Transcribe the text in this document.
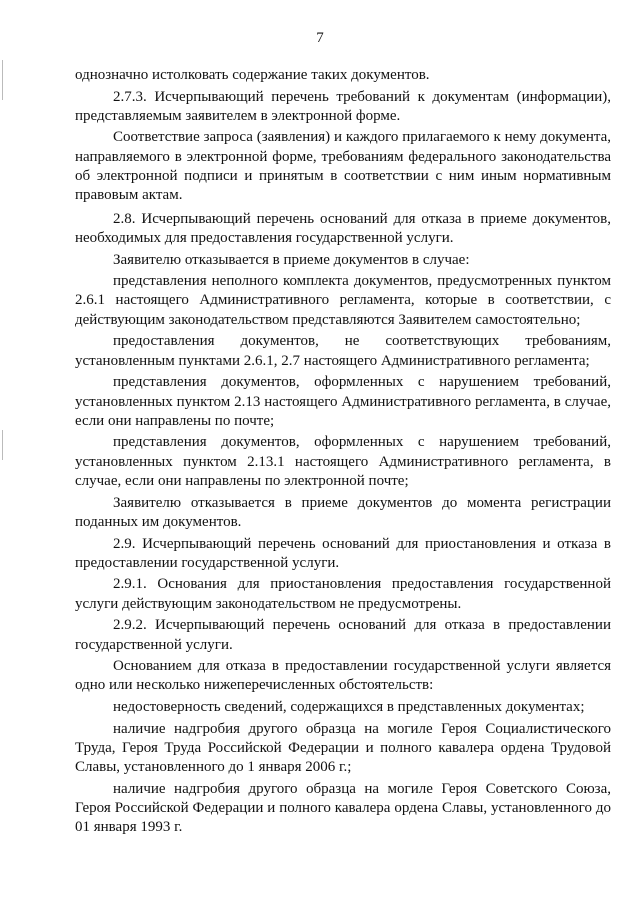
7

однозначно истолковать содержание таких документов.

2.7.3. Исчерпывающий перечень требований к документам (информации), представляемым заявителем в электронной форме.

Соответствие запроса (заявления) и каждого прилагаемого к нему документа, направляемого в электронной форме, требованиям федерального законодательства об электронной подписи и принятым в соответствии с ним иным нормативным правовым актам.

2.8. Исчерпывающий перечень оснований для отказа в приеме документов, необходимых для предоставления государственной услуги.

Заявителю отказывается в приеме документов в случае:

представления неполного комплекта документов, предусмотренных пунктом 2.6.1 настоящего Административного регламента, которые в соответствии, с действующим законодательством представляются Заявителем самостоятельно;

предоставления документов, не соответствующих требованиям, установленным пунктами 2.6.1, 2.7 настоящего Административного регламента;

представления документов, оформленных с нарушением требований, установленных пунктом 2.13 настоящего Административного регламента, в случае, если они направлены по почте;

представления документов, оформленных с нарушением требований, установленных пунктом 2.13.1 настоящего Административного регламента, в случае, если они направлены по электронной почте;

Заявителю отказывается в приеме документов до момента регистрации поданных им документов.

2.9. Исчерпывающий перечень оснований для приостановления и отказа в предоставлении государственной услуги.

2.9.1. Основания для приостановления предоставления государственной услуги действующим законодательством не предусмотрены.

2.9.2. Исчерпывающий перечень оснований для отказа в предоставлении государственной услуги.

Основанием для отказа в предоставлении государственной услуги является одно или несколько нижеперечисленных обстоятельств:

недостоверность сведений, содержащихся в представленных документах;

наличие надгробия другого образца на могиле Героя Социалистического Труда, Героя Труда Российской Федерации и полного кавалера ордена Трудовой Славы, установленного до 1 января 2006 г.;

наличие надгробия другого образца на могиле Героя Советского Союза, Героя Российской Федерации и полного кавалера ордена Славы, установленного до 01 января 1993 г.
